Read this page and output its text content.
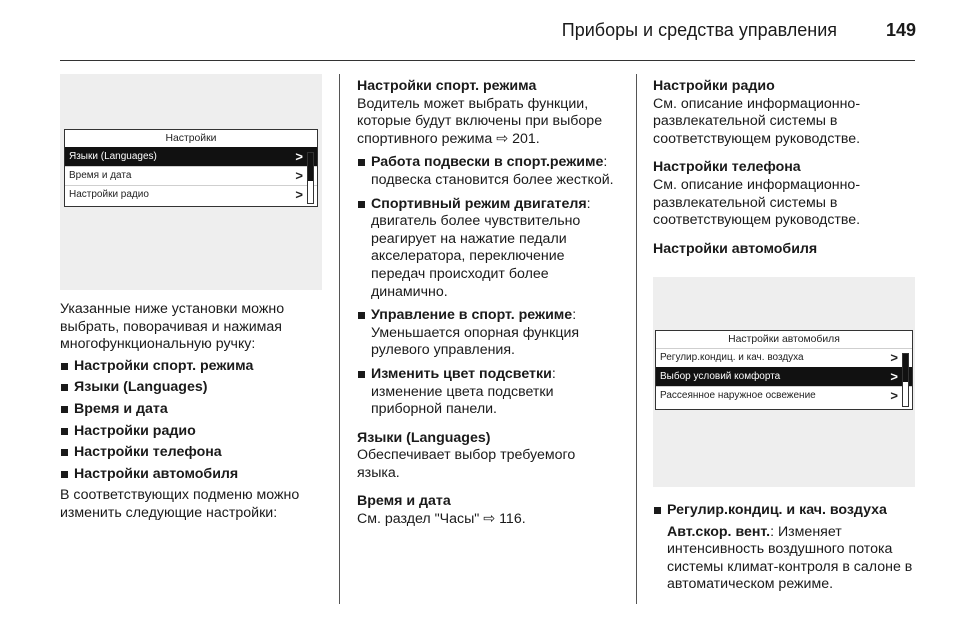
Приборы и средства управления	149
Настройки
Языки (Languages)	>
Время и дата	>
Настройки радио	>

Указанные ниже установки можно выбрать, поворачивая и нажимая многофункциональную ручку:

Настройки спорт. режима
Языки (Languages)
Время и дата
Настройки радио
Настройки телефона
Настройки автомобиля

В соответствующих подменю можно изменить следующие настройки:

Настройки спорт. режима

Водитель может выбрать функции, которые будут включены при выборе спортивного режима ⇨ 201.

Работа подвески в спорт.режиме: подвеска становится более жесткой.
Спортивный режим двигателя: двигатель более чувствительно реагирует на нажатие педали акселератора, переключение передач происходит более динамично.
Управление в спорт. режиме: Уменьшается опорная функция рулевого управления.
Изменить цвет подсветки: изменение цвета подсветки приборной панели.

Языки (Languages)

Обеспечивает выбор требуемого языка.

Время и дата

См. раздел "Часы" ⇨ 116.

Настройки радио

См. описание информационно-развлекательной системы в соответствующем руководстве.

Настройки телефона

См. описание информационно-развлекательной системы в соответствующем руководстве.

Настройки автомобиля

Настройки автомобиля
Регулир.кондиц. и кач. воздуха	>
Выбор условий комфорта	>
Рассеянное наружное освежение	>
Регулир.кондиц. и кач. воздуха

Авт.скор. вент.: Изменяет интенсивность воздушного потока системы климат-контроля в салоне в автоматическом режиме.
